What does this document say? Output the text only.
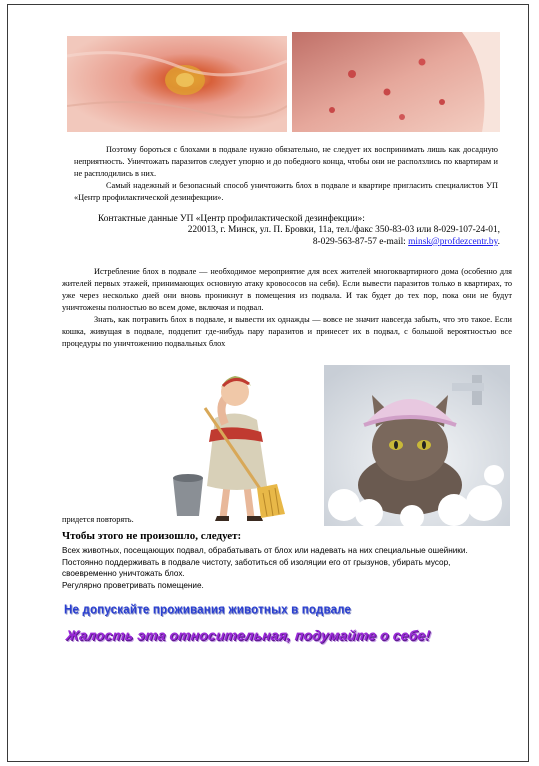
Поэтому бороться с блохами в подвале нужно обязательно, не следует их воспринимать лишь как досадную неприятность. Уничтожать паразитов следует упорно и до победного конца, чтобы они не расползлись по квартирам и не расплодились в них.

Самый надежный и безопасный способ уничтожить блох в подвале и квартире пригласить специалистов УП «Центр профилактической дезинфекции».

Контактные данные УП «Центр профилактической дезинфекции»:

220013, г. Минск, ул. П. Бровки, 11а, тел./факс 350-83-03 или 8-029-107-24-01,

8-029-563-87-57 e-mail: minsk@profdezcentr.by.

Истребление блох в подвале — необходимое мероприятие для всех жителей многоквартирного дома (особенно для жителей первых этажей, принимающих основную атаку кровососов на себя). Если вывести паразитов только в квартирах, то уже через несколько дней они вновь проникнут в помещения из подвала. И так будет до тех пор, пока они не будут уничтожены полностью во всем доме, включая и подвал.

Знать, как потравить блох в подвале, и вывести их однажды — вовсе не значит навсегда забыть, что это такое. Если кошка, живущая в подвале, подцепит где-нибудь пару паразитов и принесет их в подвал, с большой вероятностью все процедуры по уничтожению подвальных блох

придется повторять.
Чтобы этого не произошло, следует:

Всех животных, посещающих подвал, обрабатывать от блох или надевать на них специальные ошейники.

Постоянно поддерживать в подвале чистоту, заботиться об изоляции его от грызунов, убирать мусор, своевременно уничтожать блох.

Регулярно проветривать помещение.

Не допускайте проживания животных в подвале
Жалость эта относительная, подумайте о себе!
